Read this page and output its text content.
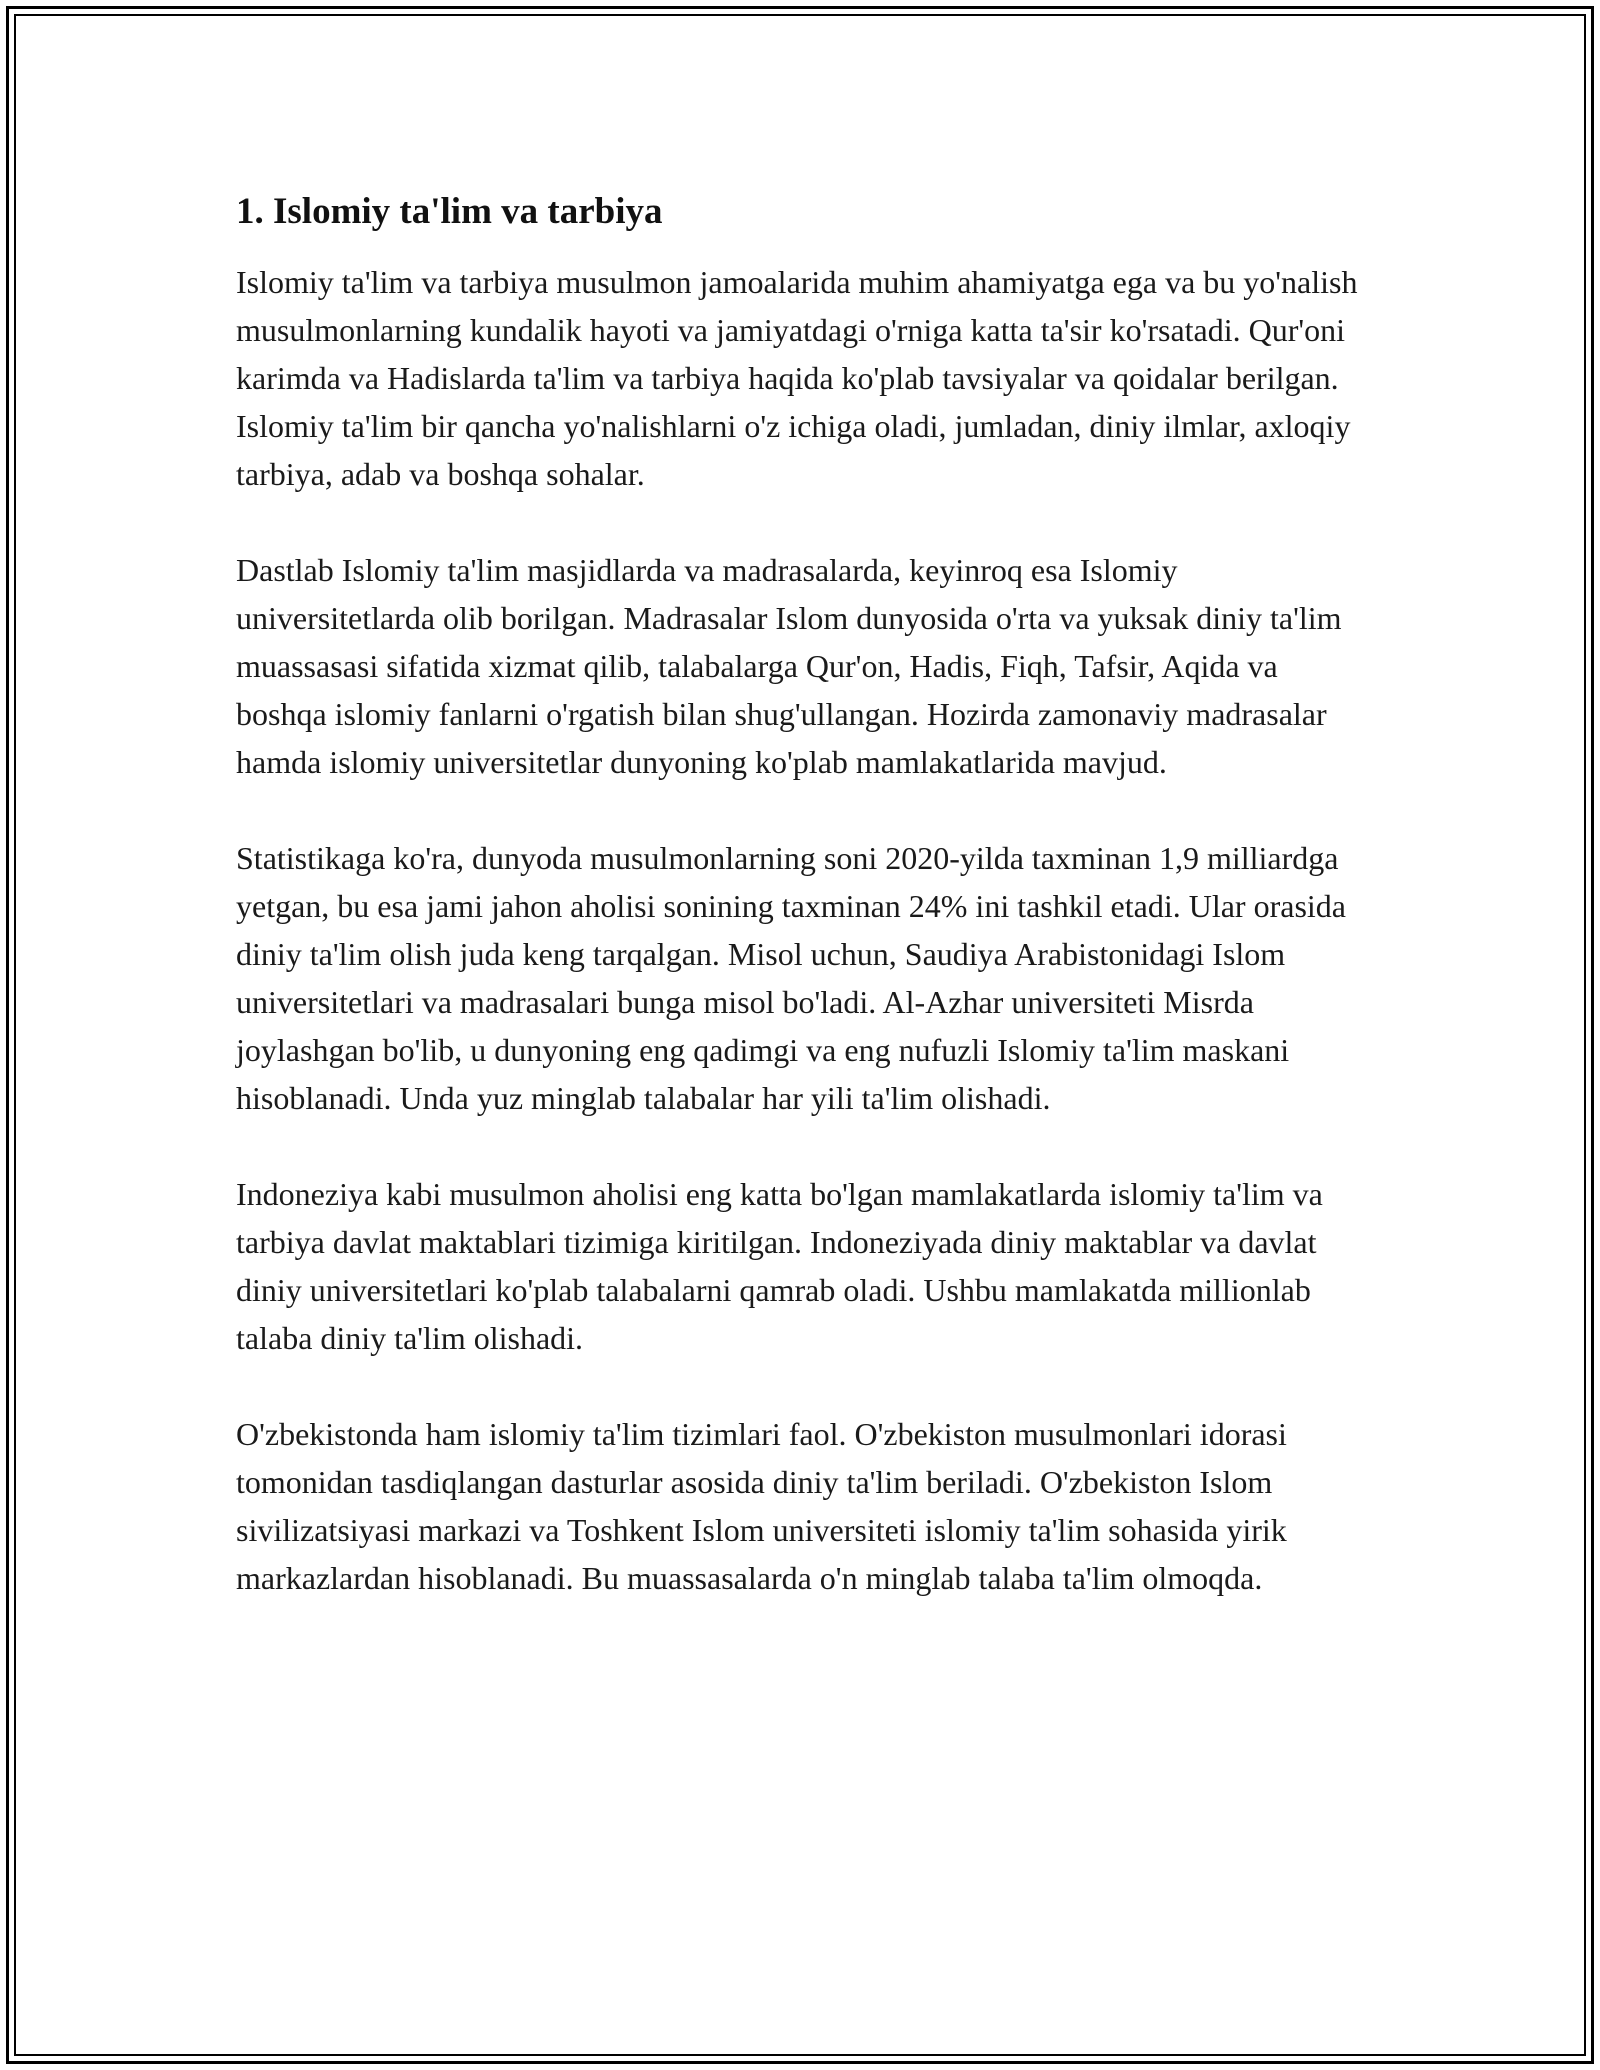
1. Islomiy ta'lim va tarbiya

Islomiy ta'lim va tarbiya musulmon jamoalarida muhim ahamiyatga ega va bu yo'nalish musulmonlarning kundalik hayoti va jamiyatdagi o'rniga katta ta'sir ko'rsatadi. Qur'oni karimda va Hadislarda ta'lim va tarbiya haqida ko'plab tavsiyalar va qoidalar berilgan. Islomiy ta'lim bir qancha yo'nalishlarni o'z ichiga oladi, jumladan, diniy ilmlar, axloqiy tarbiya, adab va boshqa sohalar.

Dastlab Islomiy ta'lim masjidlarda va madrasalarda, keyinroq esa Islomiy universitetlarda olib borilgan. Madrasalar Islom dunyosida o'rta va yuksak diniy ta'lim muassasasi sifatida xizmat qilib, talabalarga Qur'on, Hadis, Fiqh, Tafsir, Aqida va boshqa islomiy fanlarni o'rgatish bilan shug'ullangan. Hozirda zamonaviy madrasalar hamda islomiy universitetlar dunyoning ko'plab mamlakatlarida mavjud.

Statistikaga ko'ra, dunyoda musulmonlarning soni 2020-yilda taxminan 1,9 milliardga yetgan, bu esa jami jahon aholisi sonining taxminan 24% ini tashkil etadi. Ular orasida diniy ta'lim olish juda keng tarqalgan. Misol uchun, Saudiya Arabistonidagi Islom universitetlari va madrasalari bunga misol bo'ladi. Al-Azhar universiteti Misrda joylashgan bo'lib, u dunyoning eng qadimgi va eng nufuzli Islomiy ta'lim maskani hisoblanadi. Unda yuz minglab talabalar har yili ta'lim olishadi.

Indoneziya kabi musulmon aholisi eng katta bo'lgan mamlakatlarda islomiy ta'lim va tarbiya davlat maktablari tizimiga kiritilgan. Indoneziyada diniy maktablar va davlat diniy universitetlari ko'plab talabalarni qamrab oladi. Ushbu mamlakatda millionlab talaba diniy ta'lim olishadi.

O'zbekistonda ham islomiy ta'lim tizimlari faol. O'zbekiston musulmonlari idorasi tomonidan tasdiqlangan dasturlar asosida diniy ta'lim beriladi. O'zbekiston Islom sivilizatsiyasi markazi va Toshkent Islom universiteti islomiy ta'lim sohasida yirik markazlardan hisoblanadi. Bu muassasalarda o'n minglab talaba ta'lim olmoqda.
